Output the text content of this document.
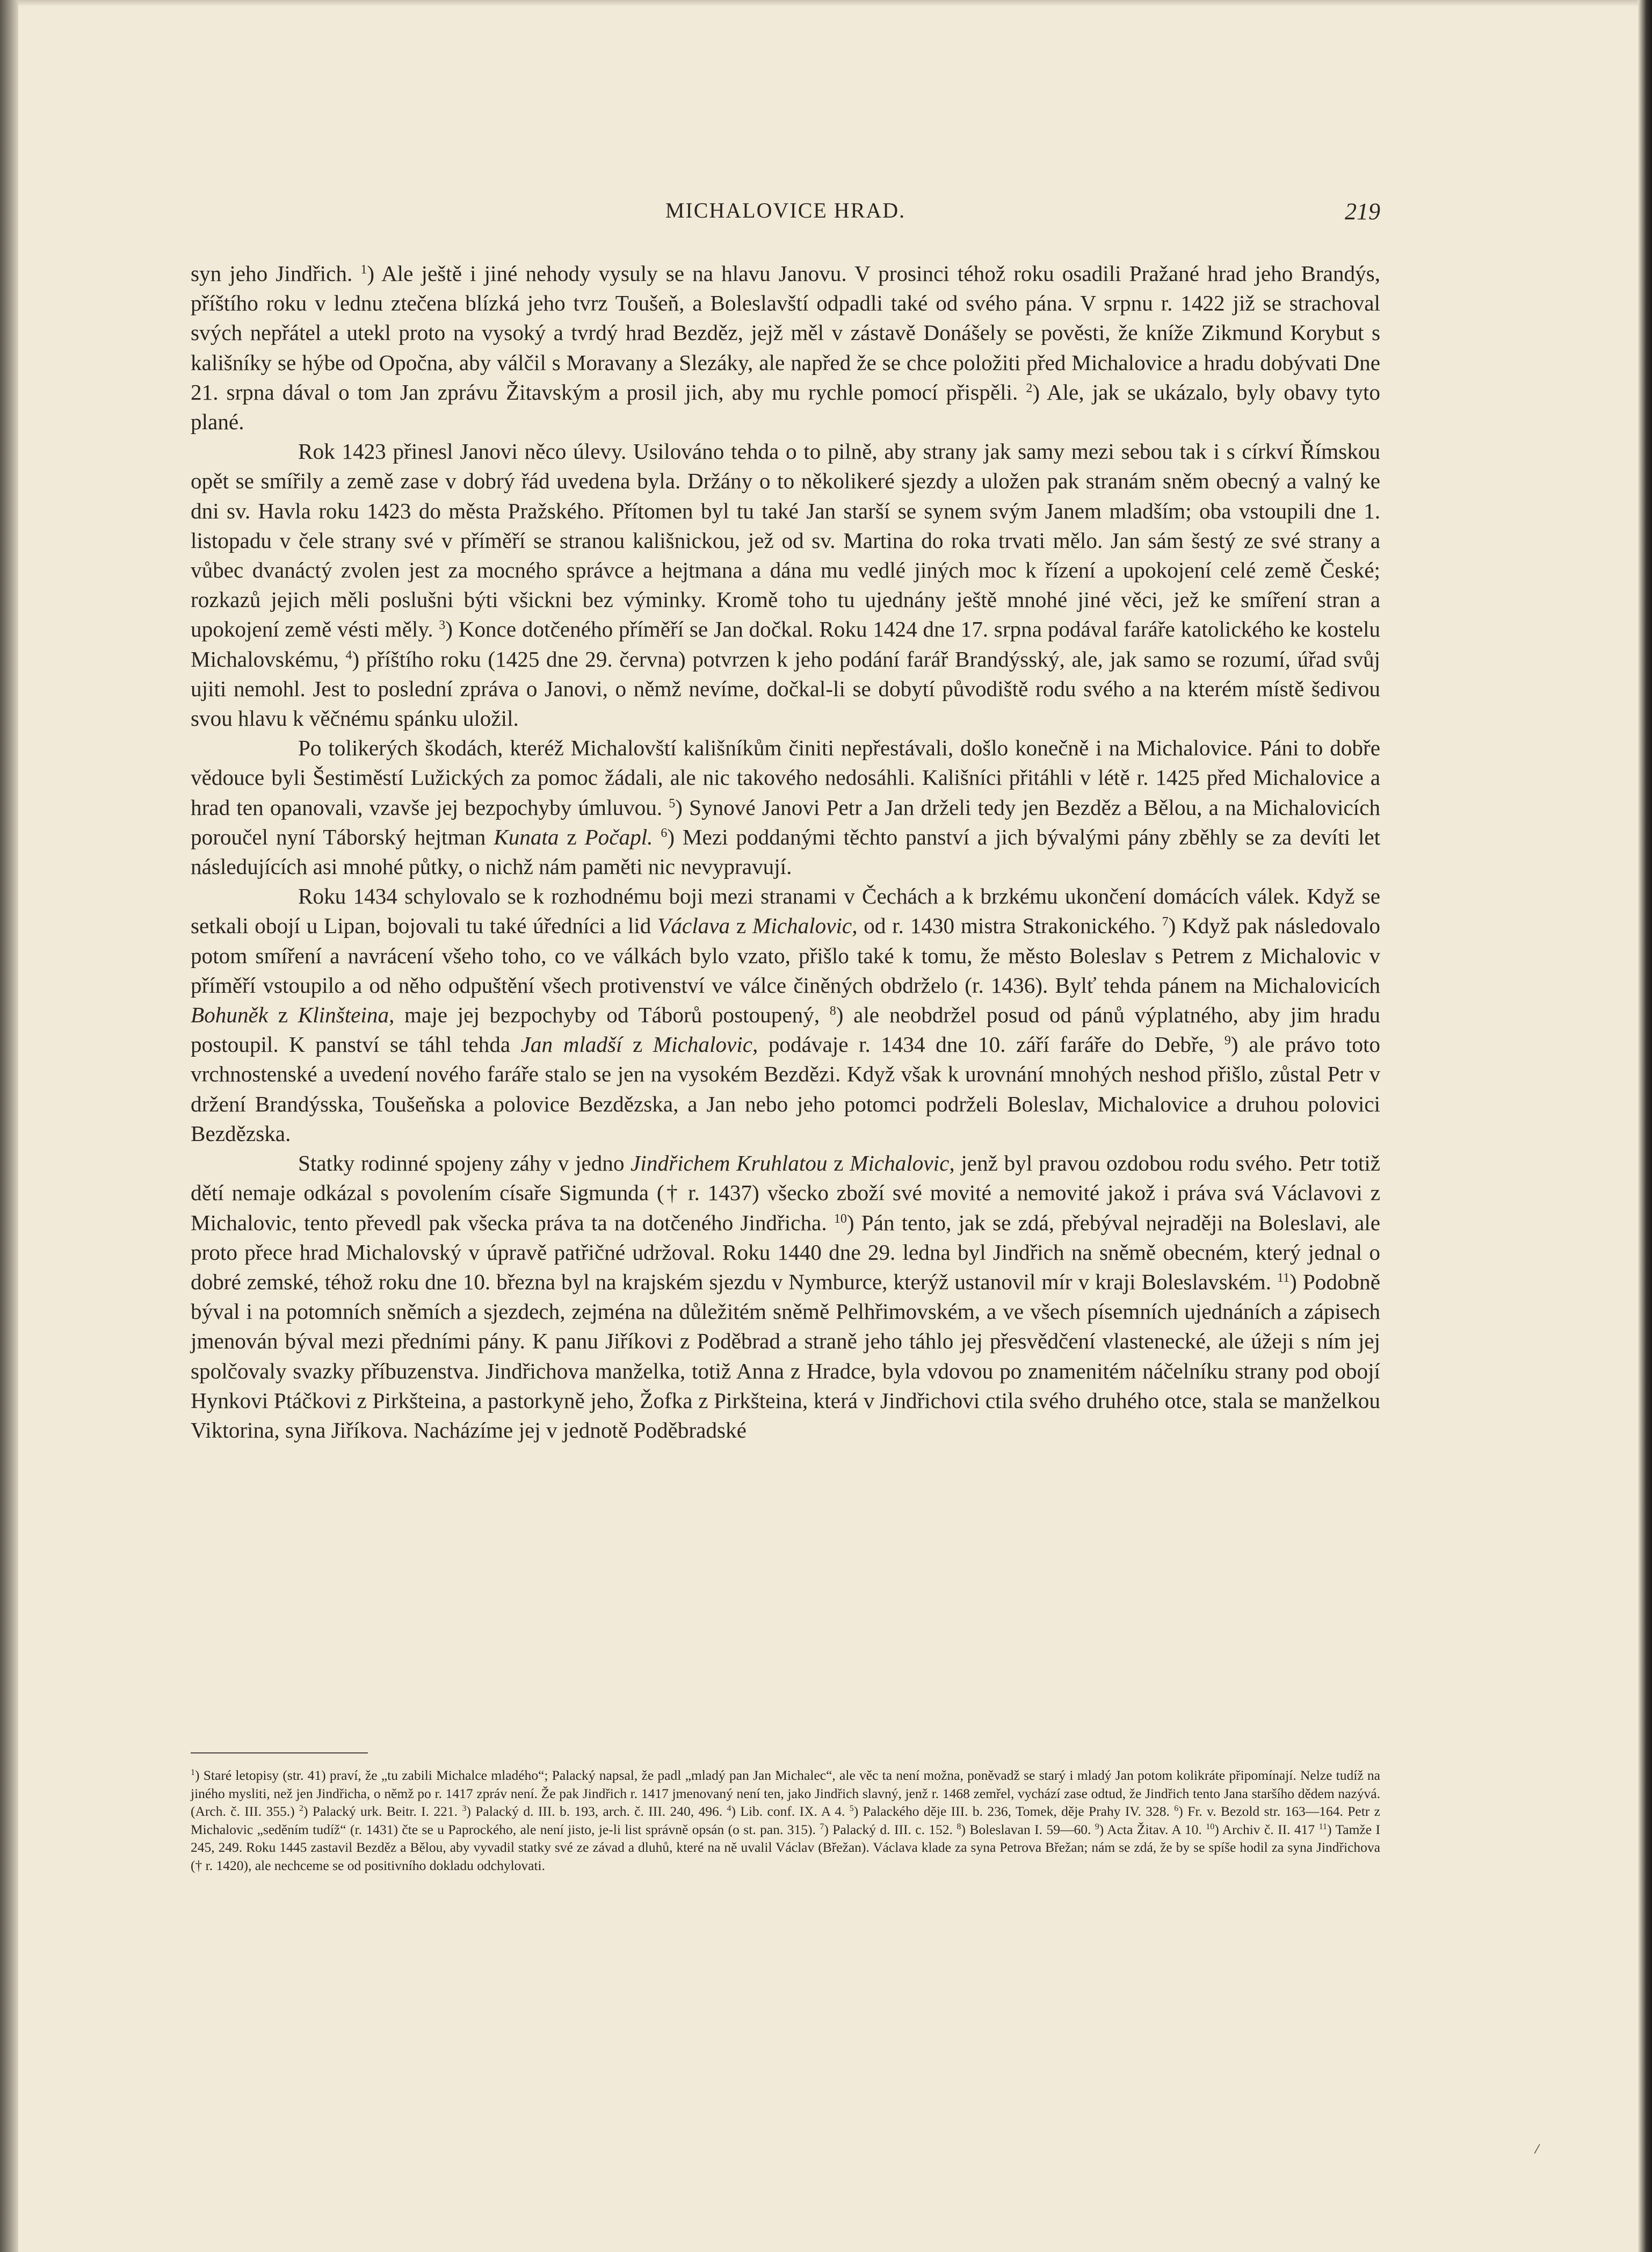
MICHALOVICE HRAD.	219

syn jeho Jindřich. $^1$) Ale ještě i jiné nehody vysuly se na hlavu Janovu. V prosinci téhož roku osadili Pražané hrad jeho Brandýs, příštího roku v lednu ztečena blízká jeho tvrz Toušeň, a Boleslavští odpadli také od svého pána. V srpnu r. 1422 již se strachoval svých nepřátel a utekl proto na vysoký a tvrdý hrad Bezděz, jejž měl v zástavě Donášely se pověsti, že kníže Zikmund Korybut s kališníky se hýbe od Opočna, aby válčil s Moravany a Slezáky, ale napřed že se chce položiti před Michalovice a hradu dobývati Dne 21. srpna dával o tom Jan zprávu Žitavským a prosil jich, aby mu rychle pomocí přispěli. $^2$) Ale, jak se ukázalo, byly obavy tyto plané.

Rok 1423 přinesl Janovi něco úlevy. Usilováno tehda o to pilně, aby strany jak samy mezi sebou tak i s církví Římskou opět se smířily a země zase v dobrý řád uvedena byla. Držány o to několikeré sjezdy a uložen pak stranám sněm obecný a valný ke dni sv. Havla roku 1423 do města Pražského. Přítomen byl tu také Jan starší se synem svým Janem mladším; oba vstoupili dne 1. listopadu v čele strany své v příměří se stranou kališnickou, jež od sv. Martina do roka trvati mělo. Jan sám šestý ze své strany a vůbec dvanáctý zvolen jest za mocného správce a hejtmana a dána mu vedlé jiných moc k řízení a upokojení celé země České; rozkazů jejich měli poslušni býti všickni bez výminky. Kromě toho tu ujednány ještě mnohé jiné věci, jež ke smíření stran a upokojení země vésti měly. $^3$) Konce dotčeného příměří se Jan dočkal. Roku 1424 dne 17. srpna podával faráře katolického ke kostelu Michalovskému, $^4$) příštího roku (1425 dne 29. června) potvrzen k jeho podání farář Brandýsský, ale, jak samo se rozumí, úřad svůj ujiti nemohl. Jest to poslední zpráva o Janovi, o němž nevíme, dočkal-li se dobytí původiště rodu svého a na kterém místě šedivou svou hlavu k věčnému spánku uložil.

Po tolikerých škodách, kteréž Michalovští kališníkům činiti nepřestávali, došlo konečně i na Michalovice. Páni to dobře vědouce byli Šestiměstí Lužických za pomoc žádali, ale nic takového nedosáhli. Kališníci přitáhli v létě r. 1425 před Michalovice a hrad ten opanovali, vzavše jej bezpochyby úmluvou. $^5$) Synové Janovi Petr a Jan drželi tedy jen Bezděz a Bělou, a na Michalovicích poroučel nyní Táborský hejtman Kunata z Počapl. $^6$) Mezi poddanými těchto panství a jich bývalými pány zběhly se za devíti let následujících asi mnohé půtky, o nichž nám paměti nic nevypravují.

Roku 1434 schylovalo se k rozhodnému boji mezi stranami v Čechách a k brzkému ukončení domácích válek. Když se setkali obojí u Lipan, bojovali tu také úředníci a lid Václava z Michalovic, od r. 1430 mistra Strakonického. $^7$) Když pak následovalo potom smíření a navrácení všeho toho, co ve válkách bylo vzato, přišlo také k tomu, že město Boleslav s Petrem z Michalovic v příměří vstoupilo a od něho odpuštění všech protivenství ve válce činěných obdrželo (r. 1436). Bylť tehda pánem na Michalovicích Bohuněk z Klinšteina, maje jej bezpochyby od Táborů postoupený, $^8$) ale neobdržel posud od pánů výplatného, aby jim hradu postoupil. K panství se táhl tehda Jan mladší z Michalovic, podávaje r. 1434 dne 10. září faráře do Debře, $^9$) ale právo toto vrchnostenské a uvedení nového faráře stalo se jen na vysokém Bezdězi. Když však k urovnání mnohých neshod přišlo, zůstal Petr v držení Brandýsska, Toušeňska a polovice Bezdězska, a Jan nebo jeho potomci podrželi Boleslav, Michalovice a druhou polovici Bezdězska.

Statky rodinné spojeny záhy v jedno Jindřichem Kruhlatou z Michalovic, jenž byl pravou ozdobou rodu svého. Petr totiž dětí nemaje odkázal s povolením císaře Sigmunda († r. 1437) všecko zboží své movité a nemovité jakož i práva svá Václavovi z Michalovic, tento převedl pak všecka práva ta na dotčeného Jindřicha. $^{10}$) Pán tento, jak se zdá, přebýval nejraději na Boleslavi, ale proto přece hrad Michalovský v úpravě patřičné udržoval. Roku 1440 dne 29. ledna byl Jindřich na sněmě obecném, který jednal o dobré zemské, téhož roku dne 10. března byl na krajském sjezdu v Nymburce, kterýž ustanovil mír v kraji Boleslavském. $^{11}$) Podobně býval i na potomních sněmích a sjezdech, zejména na důležitém sněmě Pelhřimovském, a ve všech písemních ujednáních a zápisech jmenován býval mezi předními pány. K panu Jiříkovi z Poděbrad a straně jeho táhlo jej přesvědčení vlastenecké, ale úžeji s ním jej spolčovaly svazky příbuzenstva. Jindřichova manželka, totiž Anna z Hradce, byla vdovou po znamenitém náčelníku strany pod obojí Hynkovi Ptáčkovi z Pirkšteina, a pastorkyně jeho, Žofka z Pirkšteina, která v Jindřichovi ctila svého druhého otce, stala se manželkou Viktorina, syna Jiříkova. Nacházíme jej v jednotě Poděbradské

$^1$) Staré letopisy (str. 41) praví, že „tu zabili Michalce mladého“; Palacký napsal, že padl „mladý pan Jan Michalec“, ale věc ta není možna, poněvadž se starý i mladý Jan potom kolikráte připomínají. Nelze tudíž na jiného mysliti, než jen Jindřicha, o němž po r. 1417 zpráv není. Že pak Jindřich r. 1417 jmenovaný není ten, jako Jindřich slavný, jenž r. 1468 zemřel, vychází zase odtud, že Jindřich tento Jana staršího dědem nazývá. (Arch. č. III. 355.) $^2$) Palacký urk. Beitr. I. 221. $^3$) Palacký d. III. b. 193, arch. č. III. 240, 496. $^4$) Lib. conf. IX. A 4. $^5$) Palackého děje III. b. 236, Tomek, děje Prahy IV. 328. $^6$) Fr. v. Bezold str. 163—164. Petr z Michalovic „seděním tudíž“ (r. 1431) čte se u Paprockého, ale není jisto, je-li list správně opsán (o st. pan. 315). $^7$) Palacký d. III. c. 152. $^8$) Boleslavan I. 59—60. $^9$) Acta Žitav. A 10. $^{10}$) Archiv č. II. 417 $^{11}$) Tamže I 245, 249. Roku 1445 zastavil Bezděz a Bělou, aby vyvadil statky své ze závad a dluhů, které na ně uvalil Václav (Břežan). Václava klade za syna Petrova Břežan; nám se zdá, že by se spíše hodil za syna Jindřichova († r. 1420), ale nechceme se od positivního dokladu odchylovati.

/
